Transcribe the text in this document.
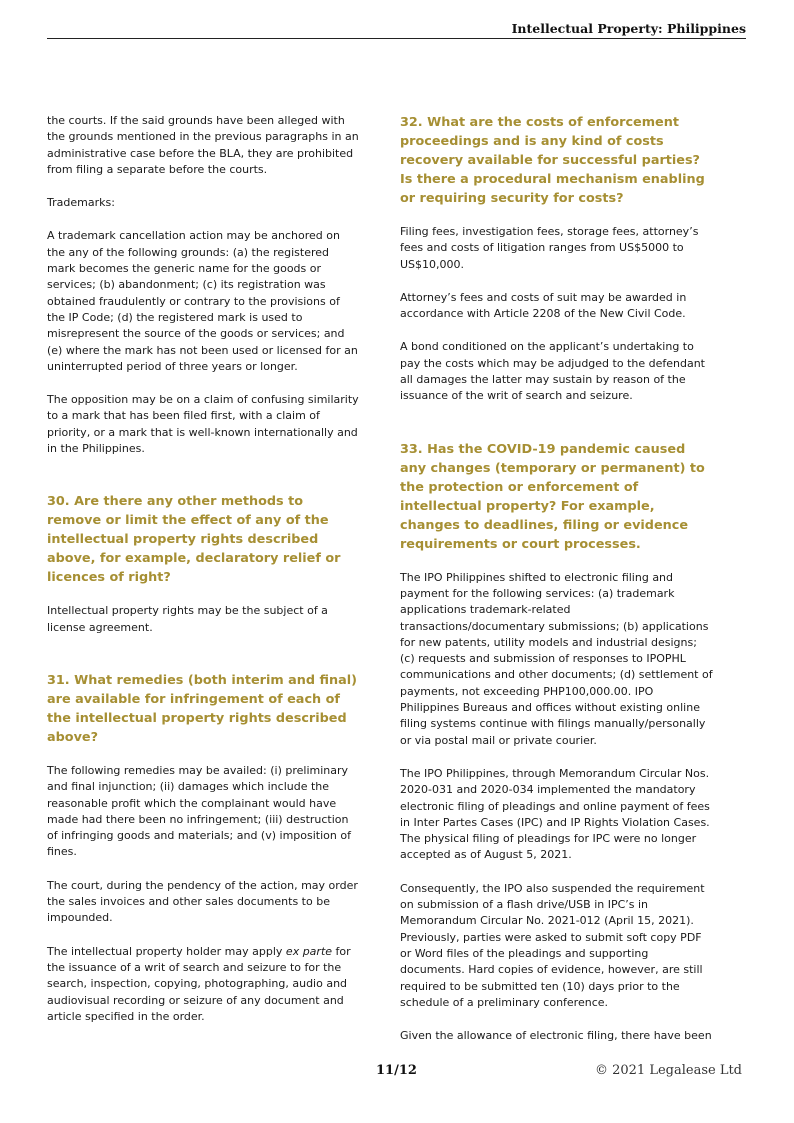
Intellectual Property: Philippines

the courts. If the said grounds have been alleged with the grounds mentioned in the previous paragraphs in an administrative case before the BLA, they are prohibited from filing a separate before the courts.

Trademarks:

A trademark cancellation action may be anchored on the any of the following grounds: (a) the registered mark becomes the generic name for the goods or services; (b) abandonment; (c) its registration was obtained fraudulently or contrary to the provisions of the IP Code; (d) the registered mark is used to misrepresent the source of the goods or services; and (e) where the mark has not been used or licensed for an uninterrupted period of three years or longer.

The opposition may be on a claim of confusing similarity to a mark that has been filed first, with a claim of priority, or a mark that is well-known internationally and in the Philippines.

30. Are there any other methods to remove or limit the effect of any of the intellectual property rights described above, for example, declaratory relief or licences of right?

Intellectual property rights may be the subject of a license agreement.

31. What remedies (both interim and final) are available for infringement of each of the intellectual property rights described above?

The following remedies may be availed: (i) preliminary and final injunction; (ii) damages which include the reasonable profit which the complainant would have made had there been no infringement; (iii) destruction of infringing goods and materials; and (v) imposition of fines.

The court, during the pendency of the action, may order the sales invoices and other sales documents to be impounded.

The intellectual property holder may apply ex parte for the issuance of a writ of search and seizure to for the search, inspection, copying, photographing, audio and audiovisual recording or seizure of any document and article specified in the order.

32. What are the costs of enforcement proceedings and is any kind of costs recovery available for successful parties? Is there a procedural mechanism enabling or requiring security for costs?

Filing fees, investigation fees, storage fees, attorney’s fees and costs of litigation ranges from US$5000 to US$10,000.

Attorney’s fees and costs of suit may be awarded in accordance with Article 2208 of the New Civil Code.

A bond conditioned on the applicant’s undertaking to pay the costs which may be adjudged to the defendant all damages the latter may sustain by reason of the issuance of the writ of search and seizure.

33. Has the COVID-19 pandemic caused any changes (temporary or permanent) to the protection or enforcement of intellectual property? For example, changes to deadlines, filing or evidence requirements or court processes.

The IPO Philippines shifted to electronic filing and payment for the following services: (a) trademark applications trademark-related transactions/documentary submissions; (b) applications for new patents, utility models and industrial designs; (c) requests and submission of responses to IPOPHL communications and other documents; (d) settlement of payments, not exceeding PHP100,000.00. IPO Philippines Bureaus and offices without existing online filing systems continue with filings manually/personally or via postal mail or private courier.

The IPO Philippines, through Memorandum Circular Nos. 2020-031 and 2020-034 implemented the mandatory electronic filing of pleadings and online payment of fees in Inter Partes Cases (IPC) and IP Rights Violation Cases. The physical filing of pleadings for IPC were no longer accepted as of August 5, 2021.

Consequently, the IPO also suspended the requirement on submission of a flash drive/USB in IPC’s in Memorandum Circular No. 2021-012 (April 15, 2021). Previously, parties were asked to submit soft copy PDF or Word files of the pleadings and supporting documents. Hard copies of evidence, however, are still required to be submitted ten (10) days prior to the schedule of a preliminary conference.

Given the allowance of electronic filing, there have been

11/12	© 2021 Legalease Ltd
